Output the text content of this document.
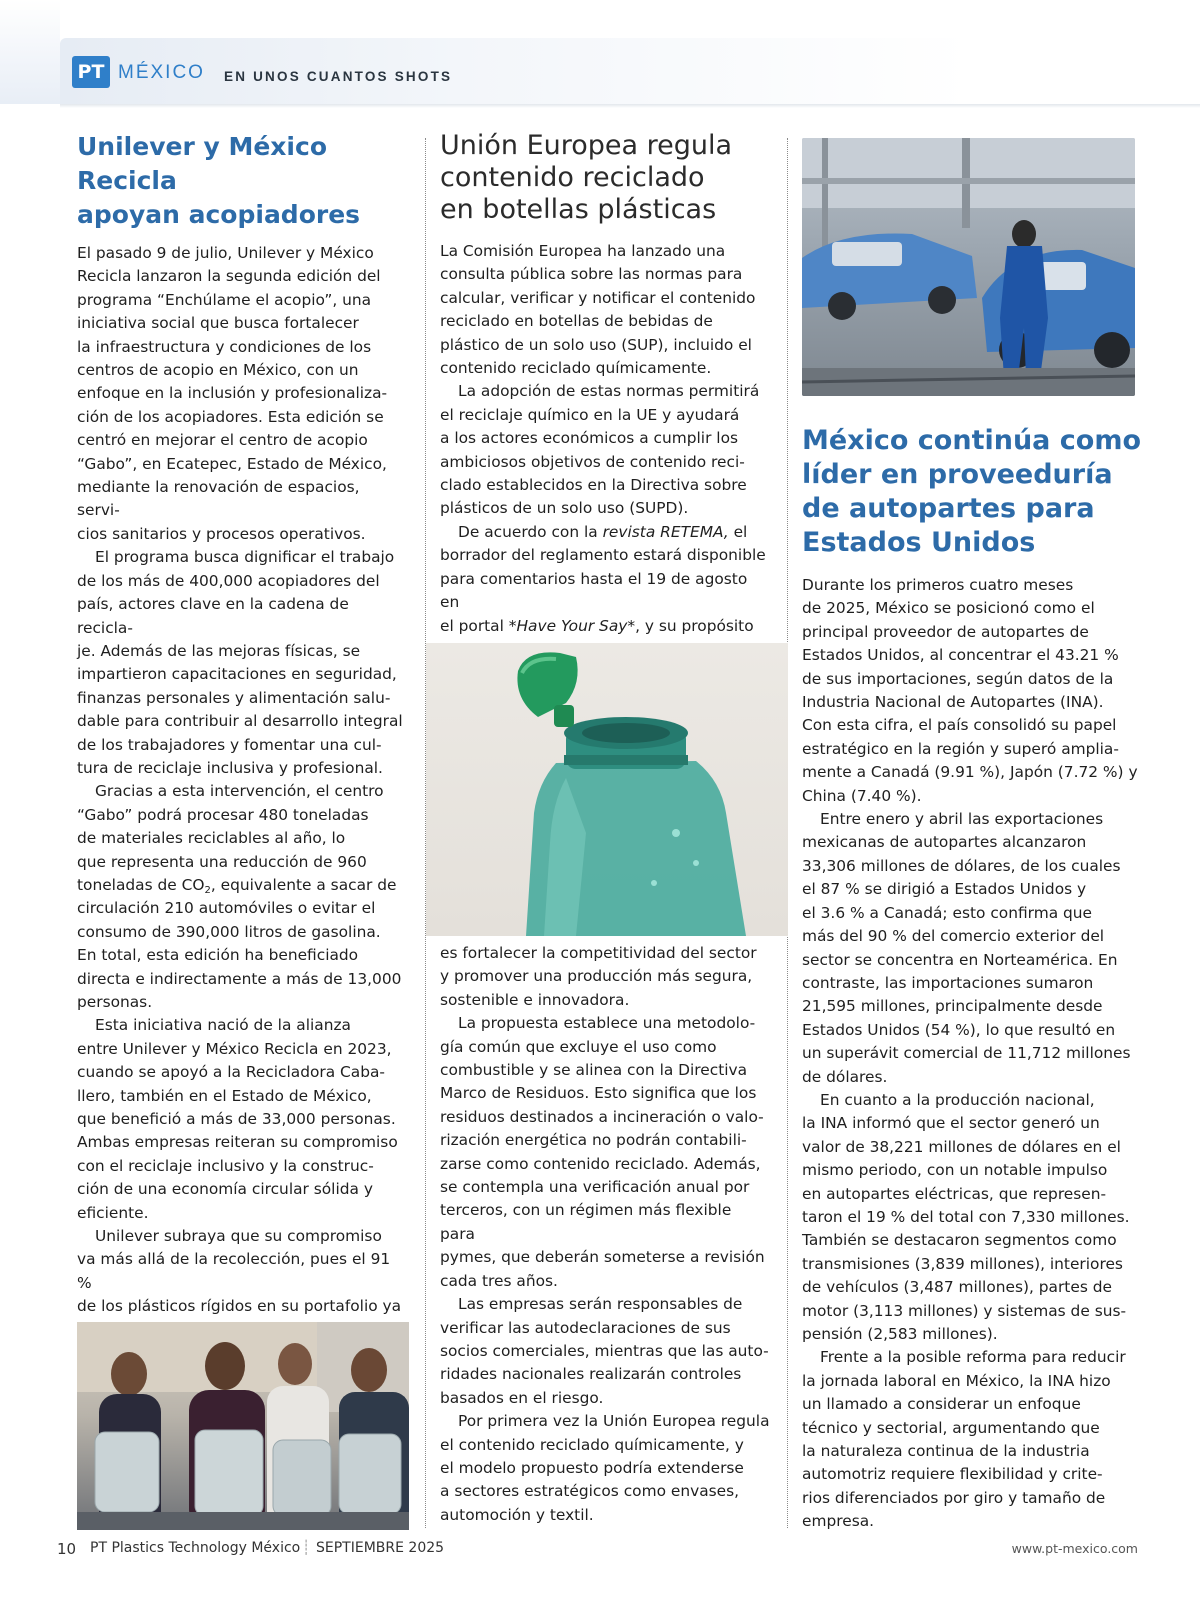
PT MÉXICO EN UNOS CUANTOS SHOTS
Unilever y México Recicla
apoyan acopiadores

El pasado 9 de julio, Unilever y México

Recicla lanzaron la segunda edición del

programa “Enchúlame el acopio”, una

iniciativa social que busca fortalecer

la infraestructura y condiciones de los

centros de acopio en México, con un

enfoque en la inclusión y profesionaliza-

ción de los acopiadores. Esta edición se

centró en mejorar el centro de acopio

“Gabo”, en Ecatepec, Estado de México,

mediante la renovación de espacios, servi-

cios sanitarios y procesos operativos.

El programa busca dignificar el trabajo

de los más de 400,000 acopiadores del

país, actores clave en la cadena de recicla-

je. Además de las mejoras físicas, se

impartieron capacitaciones en seguridad,

finanzas personales y alimentación salu-

dable para contribuir al desarrollo integral

de los trabajadores y fomentar una cul-

tura de reciclaje inclusiva y profesional.

Gracias a esta intervención, el centro

“Gabo” podrá procesar 480 toneladas

de materiales reciclables al año, lo

que representa una reducción de 960

toneladas de $CO_2$, equivalente a sacar de

circulación 210 automóviles o evitar el

consumo de 390,000 litros de gasolina.

En total, esta edición ha beneficiado

directa e indirectamente a más de 13,000

personas.

Esta iniciativa nació de la alianza

entre Unilever y México Recicla en 2023,

cuando se apoyó a la Recicladora Caba-

llero, también en el Estado de México,

que benefició a más de 33,000 personas.

Ambas empresas reiteran su compromiso

con el reciclaje inclusivo y la construc-

ción de una economía circular sólida y

eficiente.

Unilever subraya que su compromiso

va más allá de la recolección, pues el 91 %

de los plásticos rígidos en su portafolio ya

Unión Europea regula
contenido reciclado
en botellas plásticas

La Comisión Europea ha lanzado una

consulta pública sobre las normas para

calcular, verificar y notificar el contenido

reciclado en botellas de bebidas de

plástico de un solo uso (SUP), incluido el

contenido reciclado químicamente.

La adopción de estas normas permitirá

el reciclaje químico en la UE y ayudará

a los actores económicos a cumplir los

ambiciosos objetivos de contenido reci-

clado establecidos en la Directiva sobre

plásticos de un solo uso (SUPD).

De acuerdo con la revista RETEMA, el

borrador del reglamento estará disponible

para comentarios hasta el 19 de agosto en

el portal *Have Your Say*, y su propósito

es fortalecer la competitividad del sector

y promover una producción más segura,

sostenible e innovadora.

La propuesta establece una metodolo-

gía común que excluye el uso como

combustible y se alinea con la Directiva

Marco de Residuos. Esto significa que los

residuos destinados a incineración o valo-

rización energética no podrán contabili-

zarse como contenido reciclado. Además,

se contempla una verificación anual por

terceros, con un régimen más flexible para

pymes, que deberán someterse a revisión

cada tres años.

Las empresas serán responsables de

verificar las autodeclaraciones de sus

socios comerciales, mientras que las auto-

ridades nacionales realizarán controles

basados en el riesgo.

Por primera vez la Unión Europea regula

el contenido reciclado químicamente, y

el modelo propuesto podría extenderse

a sectores estratégicos como envases,

automoción y textil.

México continúa como
líder en proveeduría
de autopartes para
Estados Unidos

Durante los primeros cuatro meses

de 2025, México se posicionó como el

principal proveedor de autopartes de

Estados Unidos, al concentrar el 43.21 %

de sus importaciones, según datos de la

Industria Nacional de Autopartes (INA).

Con esta cifra, el país consolidó su papel

estratégico en la región y superó amplia-

mente a Canadá (9.91 %), Japón (7.72 %) y

China (7.40 %).

Entre enero y abril las exportaciones

mexicanas de autopartes alcanzaron

33,306 millones de dólares, de los cuales

el 87 % se dirigió a Estados Unidos y

el 3.6 % a Canadá; esto confirma que

más del 90 % del comercio exterior del

sector se concentra en Norteamérica. En

contraste, las importaciones sumaron

21,595 millones, principalmente desde

Estados Unidos (54 %), lo que resultó en

un superávit comercial de 11,712 millones

de dólares.

En cuanto a la producción nacional,

la INA informó que el sector generó un

valor de 38,221 millones de dólares en el

mismo periodo, con un notable impulso

en autopartes eléctricas, que represen-

taron el 19 % del total con 7,330 millones.

También se destacaron segmentos como

transmisiones (3,839 millones), interiores

de vehículos (3,487 millones), partes de

motor (3,113 millones) y sistemas de sus-

pensión (2,583 millones).

Frente a la posible reforma para reducir

la jornada laboral en México, la INA hizo

un llamado a considerar un enfoque

técnico y sectorial, argumentando que

la naturaleza continua de la industria

automotriz requiere flexibilidad y crite-

rios diferenciados por giro y tamaño de

empresa.

10 PT Plastics Technology México ┊ SEPTIEMBRE 2025	www.pt-mexico.com
